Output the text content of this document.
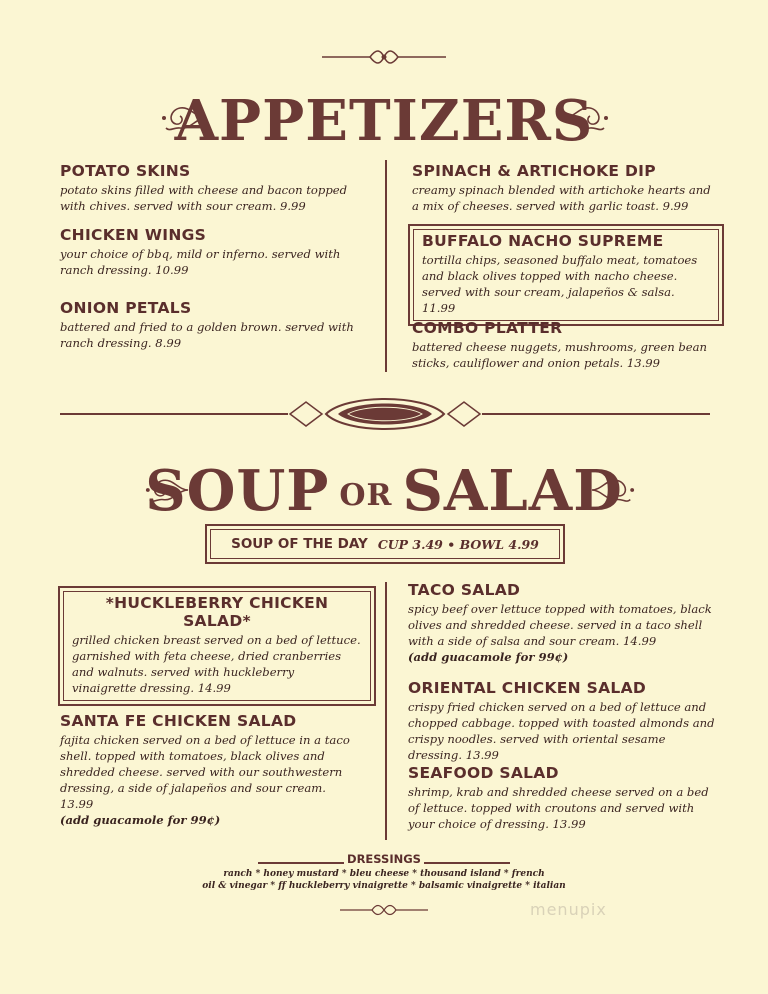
APPETIZERS
POTATO SKINS
potato skins filled with cheese and bacon topped with chives. served with sour cream. 9.99
CHICKEN WINGS
your choice of bbq, mild or inferno. served with ranch dressing. 10.99
ONION PETALS
battered and fried to a golden brown. served with ranch dressing. 8.99
SPINACH & ARTICHOKE DIP
creamy spinach blended with artichoke hearts and a mix of cheeses. served with garlic toast. 9.99
BUFFALO NACHO SUPREME
tortilla chips, seasoned buffalo meat, tomatoes and black olives topped with nacho cheese. served with sour cream, jalapeños & salsa. 11.99
COMBO PLATTER
battered cheese nuggets, mushrooms, green bean sticks, cauliflower and onion petals. 13.99
SOUP OR SALAD
SOUP OF THE DAY CUP 3.49 • BOWL 4.99
*HUCKLEBERRY CHICKEN SALAD*
grilled chicken breast served on a bed of lettuce. garnished with feta cheese, dried cranberries and walnuts. served with huckleberry vinaigrette dressing. 14.99
SANTA FE CHICKEN SALAD
fajita chicken served on a bed of lettuce in a taco shell. topped with tomatoes, black olives and shredded cheese. served with our southwestern dressing, a side of jalapeños and sour cream. 13.99
(add guacamole for 99¢)
TACO SALAD
spicy beef over lettuce topped with tomatoes, black olives and shredded cheese. served in a taco shell with a side of salsa and sour cream. 14.99
(add guacamole for 99¢)
ORIENTAL CHICKEN SALAD
crispy fried chicken served on a bed of lettuce and chopped cabbage. topped with toasted almonds and crispy noodles. served with oriental sesame dressing. 13.99
SEAFOOD SALAD
shrimp, krab and shredded cheese served on a bed of lettuce. topped with croutons and served with your choice of dressing. 13.99
DRESSINGS
ranch * honey mustard * bleu cheese * thousand island * french
oil & vinegar * ff huckleberry vinaigrette * balsamic vinaigrette * italian
menupix
